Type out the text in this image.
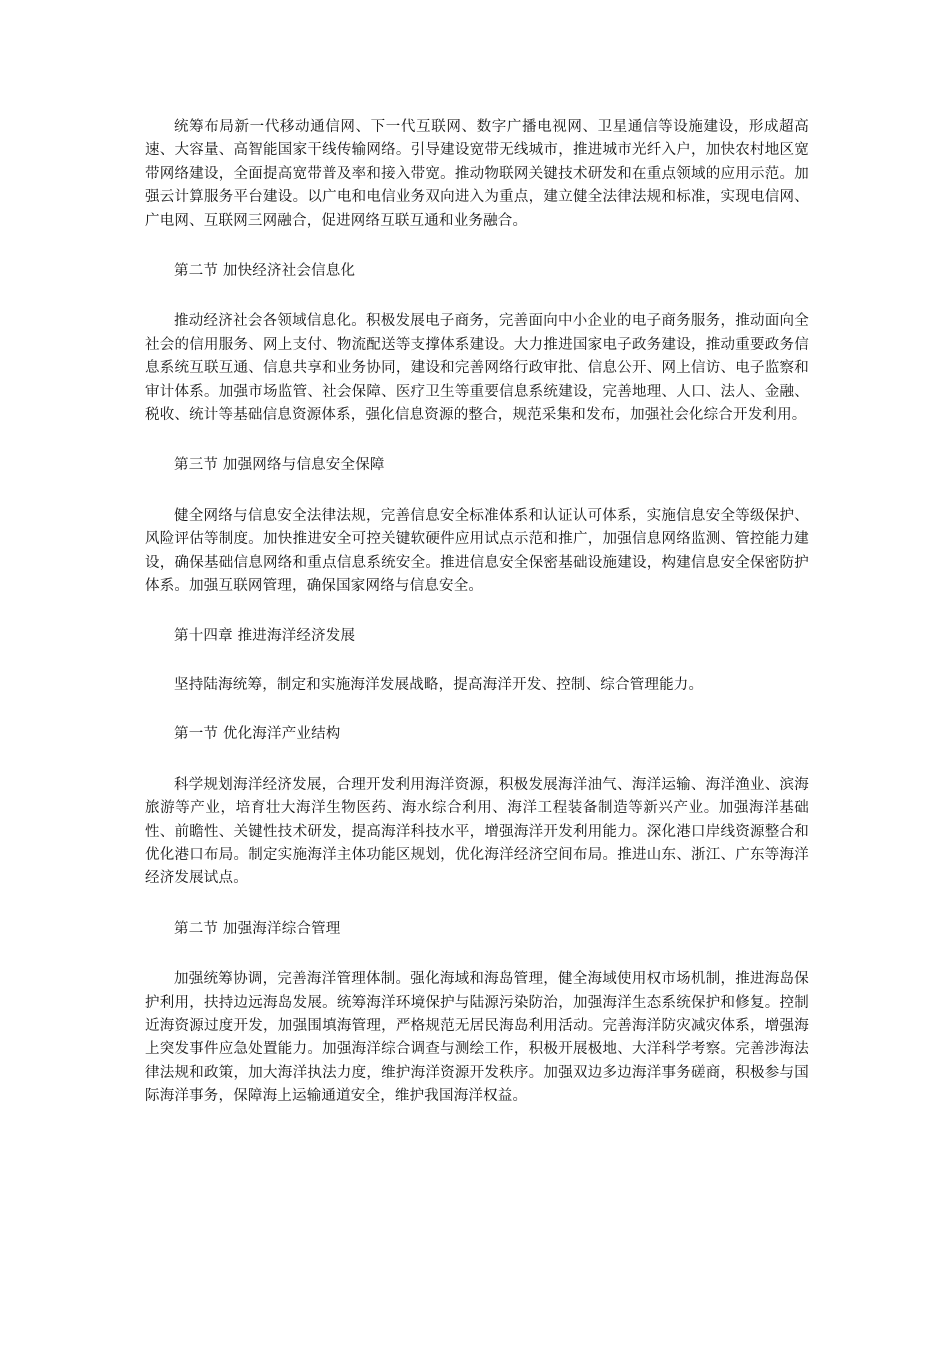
统筹布局新一代移动通信网、下一代互联网、数字广播电视网、卫星通信等设施建设，形成超高速、大容量、高智能国家干线传输网络。引导建设宽带无线城市，推进城市光纤入户，加快农村地区宽带网络建设，全面提高宽带普及率和接入带宽。推动物联网关键技术研发和在重点领域的应用示范。加强云计算服务平台建设。以广电和电信业务双向进入为重点，建立健全法律法规和标准，实现电信网、广电网、互联网三网融合，促进网络互联互通和业务融合。

第二节 加快经济社会信息化

推动经济社会各领域信息化。积极发展电子商务，完善面向中小企业的电子商务服务，推动面向全社会的信用服务、网上支付、物流配送等支撑体系建设。大力推进国家电子政务建设，推动重要政务信息系统互联互通、信息共享和业务协同，建设和完善网络行政审批、信息公开、网上信访、电子监察和审计体系。加强市场监管、社会保障、医疗卫生等重要信息系统建设，完善地理、人口、法人、金融、税收、统计等基础信息资源体系，强化信息资源的整合，规范采集和发布，加强社会化综合开发利用。

第三节 加强网络与信息安全保障

健全网络与信息安全法律法规，完善信息安全标准体系和认证认可体系，实施信息安全等级保护、风险评估等制度。加快推进安全可控关键软硬件应用试点示范和推广，加强信息网络监测、管控能力建设，确保基础信息网络和重点信息系统安全。推进信息安全保密基础设施建设，构建信息安全保密防护体系。加强互联网管理，确保国家网络与信息安全。

第十四章 推进海洋经济发展

坚持陆海统筹，制定和实施海洋发展战略，提高海洋开发、控制、综合管理能力。

第一节 优化海洋产业结构

科学规划海洋经济发展，合理开发利用海洋资源，积极发展海洋油气、海洋运输、海洋渔业、滨海旅游等产业，培育壮大海洋生物医药、海水综合利用、海洋工程装备制造等新兴产业。加强海洋基础性、前瞻性、关键性技术研发，提高海洋科技水平，增强海洋开发利用能力。深化港口岸线资源整合和优化港口布局。制定实施海洋主体功能区规划，优化海洋经济空间布局。推进山东、浙江、广东等海洋经济发展试点。

第二节 加强海洋综合管理

加强统筹协调，完善海洋管理体制。强化海域和海岛管理，健全海域使用权市场机制，推进海岛保护利用，扶持边远海岛发展。统筹海洋环境保护与陆源污染防治，加强海洋生态系统保护和修复。控制近海资源过度开发，加强围填海管理，严格规范无居民海岛利用活动。完善海洋防灾减灾体系，增强海上突发事件应急处置能力。加强海洋综合调查与测绘工作，积极开展极地、大洋科学考察。完善涉海法律法规和政策，加大海洋执法力度，维护海洋资源开发秩序。加强双边多边海洋事务磋商，积极参与国际海洋事务，保障海上运输通道安全，维护我国海洋权益。
